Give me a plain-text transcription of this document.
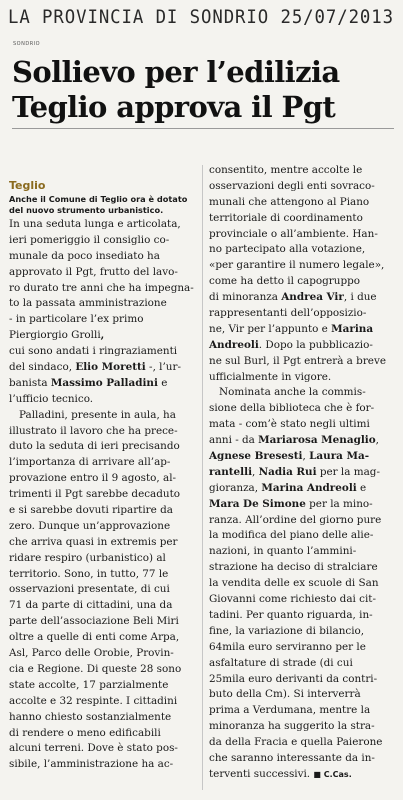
LA PROVINCIA DI SONDRIO 25/07/2013
SONDRIO
Sollievo per l’edilizia
Teglio approva il Pgt
Teglio
Anche il Comune di Teglio ora è dotato
del nuovo strumento urbanistico.
In una seduta lunga e articolata,
ieri pomeriggio il consiglio co-
munale da poco insediato ha
approvato il Pgt, frutto del lavo-
ro durato tre anni che ha impegna-
to la passata amministrazione
- in particolare l’ex primo
Piergiorgio Grolli,
cui sono andati i ringraziamenti
del sindaco, Elio Moretti -, l’ur-
banista Massimo Palladini e
l’ufficio tecnico.
Palladini, presente in aula, ha
illustrato il lavoro che ha prece-
duto la seduta di ieri precisando
l’importanza di arrivare all’ap-
provazione entro il 9 agosto, al-
trimenti il Pgt sarebbe decaduto
e si sarebbe dovuti ripartire da
zero. Dunque un’approvazione
che arriva quasi in extremis per
ridare respiro (urbanistico) al
territorio. Sono, in tutto, 77 le
osservazioni presentate, di cui
71 da parte di cittadini, una da
parte dell’associazione Beli Miri
oltre a quelle di enti come Arpa,
Asl, Parco delle Orobie, Provin-
cia e Regione. Di queste 28 sono
state accolte, 17 parzialmente
accolte e 32 respinte. I cittadini
hanno chiesto sostanzialmente
di rendere o meno edificabili
alcuni terreni. Dove è stato pos-
sibile, l’amministrazione ha ac-
consentito, mentre accolte le
osservazioni degli enti sovraco-
munali che attengono al Piano
territoriale di coordinamento
provinciale o all’ambiente. Han-
no partecipato alla votazione,
«per garantire il numero legale»,
come ha detto il capogruppo
di minoranza Andrea Vir, i due
rappresentanti dell’opposizio-
ne, Vir per l’appunto e Marina
Andreoli. Dopo la pubblicazio-
ne sul Burl, il Pgt entrerà a breve
ufficialmente in vigore.
Nominata anche la commis-
sione della biblioteca che è for-
mata - com’è stato negli ultimi
anni - da Mariarosa Menaglio,
Agnese Bresesti, Laura Ma-
rantelli, Nadia Rui per la mag-
gioranza, Marina Andreoli e
Mara De Simone per la mino-
ranza. All’ordine del giorno pure
la modifica del piano delle alie-
nazioni, in quanto l’ammini-
strazione ha deciso di stralciare
la vendita delle ex scuole di San
Giovanni come richiesto dai cit-
tadini. Per quanto riguarda, in-
fine, la variazione di bilancio,
64mila euro serviranno per le
asfaltature di strade (di cui
25mila euro derivanti da contri-
buto della Cm). Si interverrà
prima a Verdumana, mentre la
minoranza ha suggerito la stra-
da della Fracia e quella Paierone
che saranno interessante da in-
terventi successivi. ■ C.Cas.
